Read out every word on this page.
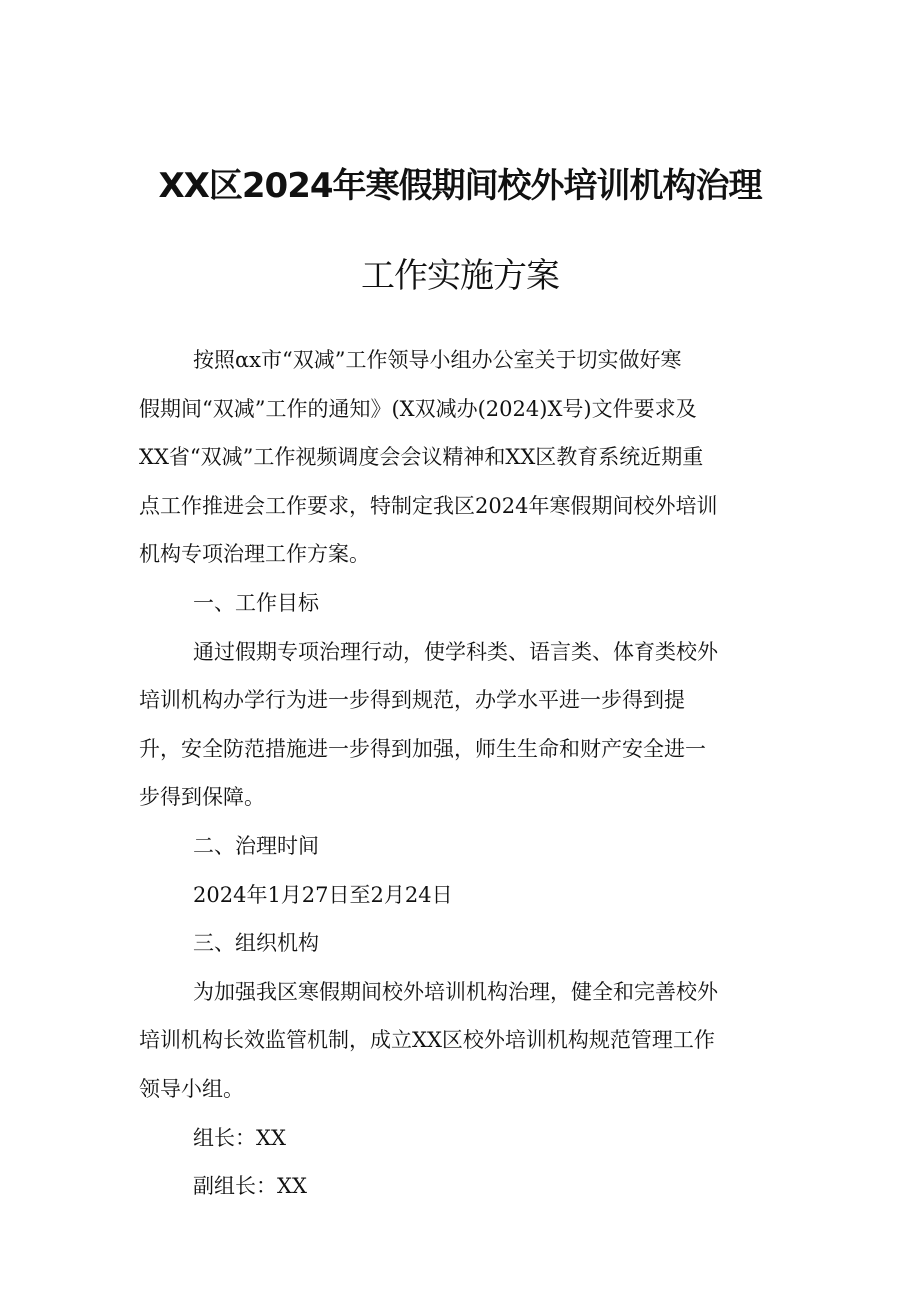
XX区2024年寒假期间校外培训机构治理
工作实施方案
按照αx市“双减”工作领导小组办公室关于切实做好寒
假期间“双减”工作的通知》(X双减办(2024)X号)文件要求及
XX省“双减”工作视频调度会会议精神和XX区教育系统近期重
点工作推进会工作要求，特制定我区2024年寒假期间校外培训
机构专项治理工作方案。
一、工作目标
通过假期专项治理行动，使学科类、语言类、体育类校外
培训机构办学行为进一步得到规范，办学水平进一步得到提
升，安全防范措施进一步得到加强，师生生命和财产安全进一
步得到保障。
二、治理时间
2024年1月27日至2月24日
三、组织机构
为加强我区寒假期间校外培训机构治理，健全和完善校外
培训机构长效监管机制，成立XX区校外培训机构规范管理工作
领导小组。
组长：XX
副组长：XX
